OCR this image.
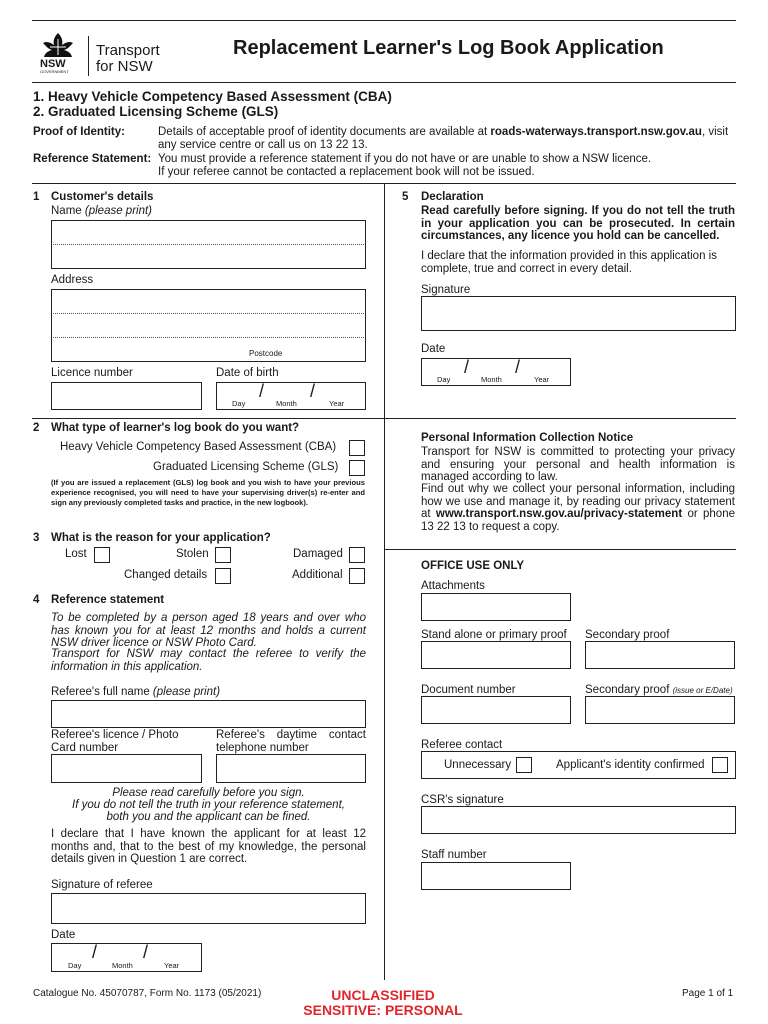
NSW
GOVERNMENT
Transport
for NSW
Replacement Learner's Log Book Application
1. Heavy Vehicle Competency Based Assessment (CBA)
2. Graduated Licensing Scheme (GLS)
Proof of Identity:	Details of acceptable proof of identity documents are available at roads-waterways.transport.nsw.gov.au, visit
any service centre or call us on 13 22 13.
Reference Statement: You must provide a reference statement if you do not have or are unable to show a NSW licence.
If your referee cannot be contacted a replacement book will not be issued.
1 Customer's details
Name (please print)
Address
Postcode
Licence number	Date of birth
/	/
Day	Month	Year
2 What type of learner's log book do you want?
Heavy Vehicle Competency Based Assessment (CBA)
Graduated Licensing Scheme (GLS)
(If you are issued a replacement (GLS) log book and you wish to have your previous experience recognised, you will need to have your supervising driver(s) re-enter and sign any previously completed tasks and practice, in the new logbook).
3 What is the reason for your application?
Lost	Stolen	Damaged
Changed details	Additional
4 Reference statement
To be completed by a person aged 18 years and over who has known you for at least 12 months and holds a current NSW driver licence or NSW Photo Card.
Transport for NSW may contact the referee to verify the information in this application.
Referee's full name (please print)
Referee's licence / Photo Card number
Referee's daytime contact telephone number
Please read carefully before you sign.
If you do not tell the truth in your reference statement,
both you and the applicant can be fined.
I declare that I have known the applicant for at least 12 months and, that to the best of my knowledge, the personal details given in Question 1 are correct.
Signature of referee
Date
/	/
Day	Month	Year
5 Declaration
Read carefully before signing. If you do not tell the truth in your application you can be prosecuted. In certain circumstances, any licence you hold can be cancelled.
I declare that the information provided in this application is complete, true and correct in every detail.
Signature
Date
/	/
Day	Month	Year
Personal Information Collection Notice
Transport for NSW is committed to protecting your privacy and ensuring your personal and health information is managed according to law.
Find out why we collect your personal information, including how we use and manage it, by reading our privacy statement at www.transport.nsw.gov.au/privacy-statement or phone 13 22 13 to request a copy.
OFFICE USE ONLY
Attachments
Stand alone or primary proof Secondary proof
Document number	Secondary proof (issue or E/Date)
Referee contact
Unnecessary	Applicant's identity confirmed
CSR's signature
Staff number
Catalogue No. 45070787, Form No. 1173 (05/2021)	UNCLASSIFIED
SENSITIVE: PERSONAL
Page 1 of 1
